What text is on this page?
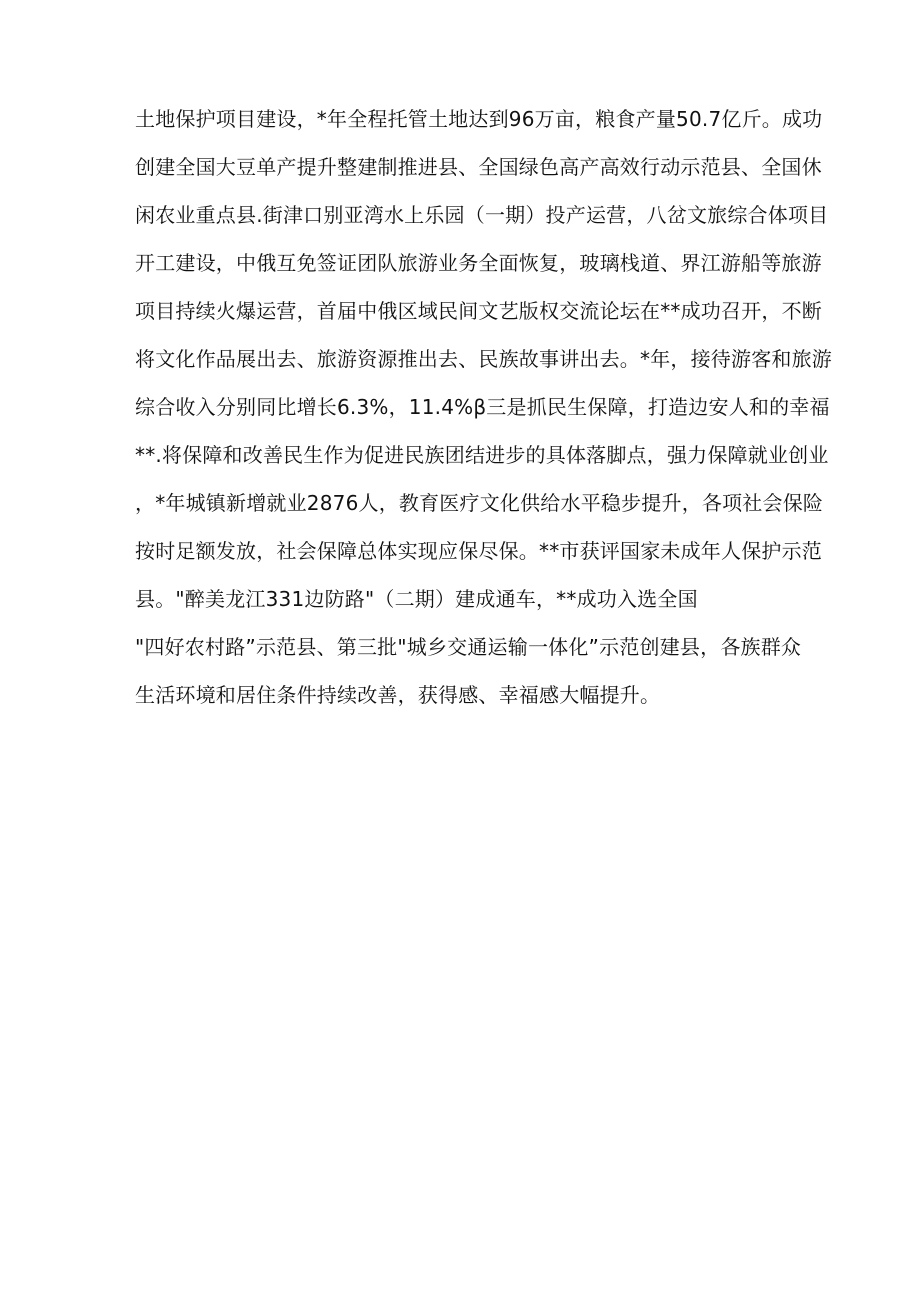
土地保护项目建设，*年全程托管土地达到96万亩，粮食产量50.7亿斤。成功
创建全国大豆单产提升整建制推进县、全国绿色高产高效行动示范县、全国休
闲农业重点县.街津口别亚湾水上乐园（一期）投产运营，八岔文旅综合体项目
开工建设，中俄互免签证团队旅游业务全面恢复，玻璃栈道、界江游船等旅游
项目持续火爆运营，首届中俄区域民间文艺版权交流论坛在**成功召开，不断
将文化作品展出去、旅游资源推出去、民族故事讲出去。*年，接待游客和旅游
综合收入分别同比增长6.3%，11.4%β三是抓民生保障，打造边安人和的幸福
**.将保障和改善民生作为促进民族团结进步的具体落脚点，强力保障就业创业
，*年城镇新增就业2876人，教育医疗文化供给水平稳步提升，各项社会保险
按时足额发放，社会保障总体实现应保尽保。**市获评国家未成年人保护示范
县。"醉美龙江331边防路"（二期）建成通车，**成功入选全国
"四好农村路”示范县、第三批"城乡交通运输一体化”示范创建县，各族群众
生活环境和居住条件持续改善，获得感、幸福感大幅提升。
